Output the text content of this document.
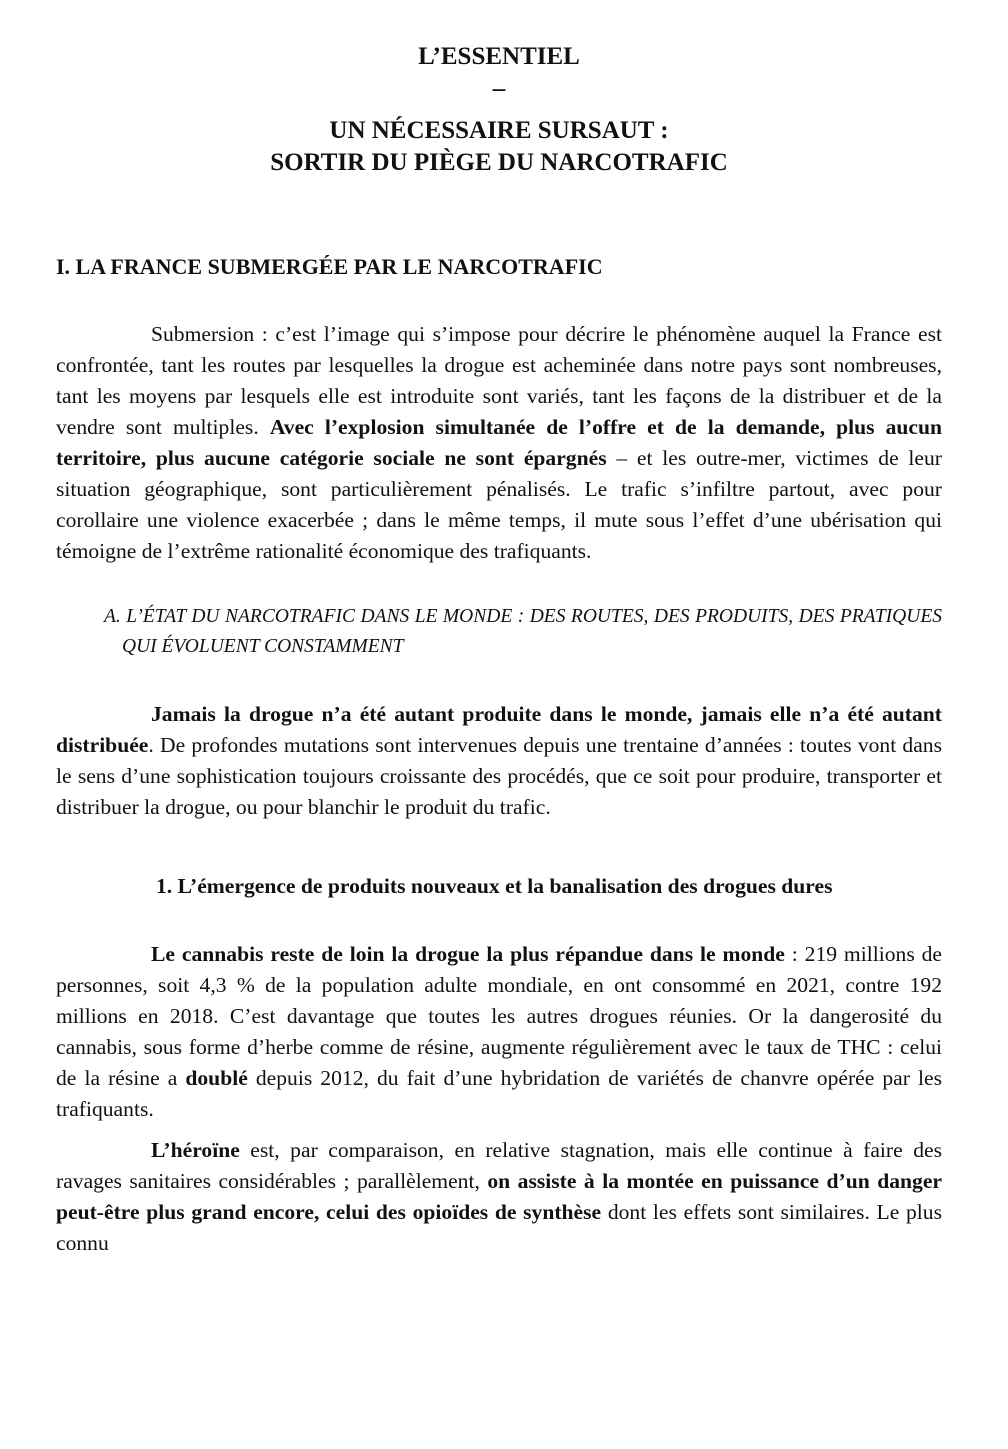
L’ESSENTIEL
–
UN NÉCESSAIRE SURSAUT :
SORTIR DU PIÈGE DU NARCOTRAFIC
I. LA FRANCE SUBMERGÉE PAR LE NARCOTRAFIC

Submersion : c’est l’image qui s’impose pour décrire le phénomène auquel la France est confrontée, tant les routes par lesquelles la drogue est acheminée dans notre pays sont nombreuses, tant les moyens par lesquels elle est introduite sont variés, tant les façons de la distribuer et de la vendre sont multiples. Avec l’explosion simultanée de l’offre et de la demande, plus aucun territoire, plus aucune catégorie sociale ne sont épargnés – et les outre-mer, victimes de leur situation géographique, sont particulièrement pénalisés. Le trafic s’infiltre partout, avec pour corollaire une violence exacerbée ; dans le même temps, il mute sous l’effet d’une ubérisation qui témoigne de l’extrême rationalité économique des trafiquants.

A. L’ÉTAT DU NARCOTRAFIC DANS LE MONDE : DES ROUTES, DES PRODUITS, DES PRATIQUES QUI ÉVOLUENT CONSTAMMENT

Jamais la drogue n’a été autant produite dans le monde, jamais elle n’a été autant distribuée. De profondes mutations sont intervenues depuis une trentaine d’années : toutes vont dans le sens d’une sophistication toujours croissante des procédés, que ce soit pour produire, transporter et distribuer la drogue, ou pour blanchir le produit du trafic.

1. L’émergence de produits nouveaux et la banalisation des drogues dures

Le cannabis reste de loin la drogue la plus répandue dans le monde : 219 millions de personnes, soit 4,3 % de la population adulte mondiale, en ont consommé en 2021, contre 192 millions en 2018. C’est davantage que toutes les autres drogues réunies. Or la dangerosité du cannabis, sous forme d’herbe comme de résine, augmente régulièrement avec le taux de THC : celui de la résine a doublé depuis 2012, du fait d’une hybridation de variétés de chanvre opérée par les trafiquants.

L’héroïne est, par comparaison, en relative stagnation, mais elle continue à faire des ravages sanitaires considérables ; parallèlement, on assiste à la montée en puissance d’un danger peut-être plus grand encore, celui des opioïdes de synthèse dont les effets sont similaires. Le plus connu
